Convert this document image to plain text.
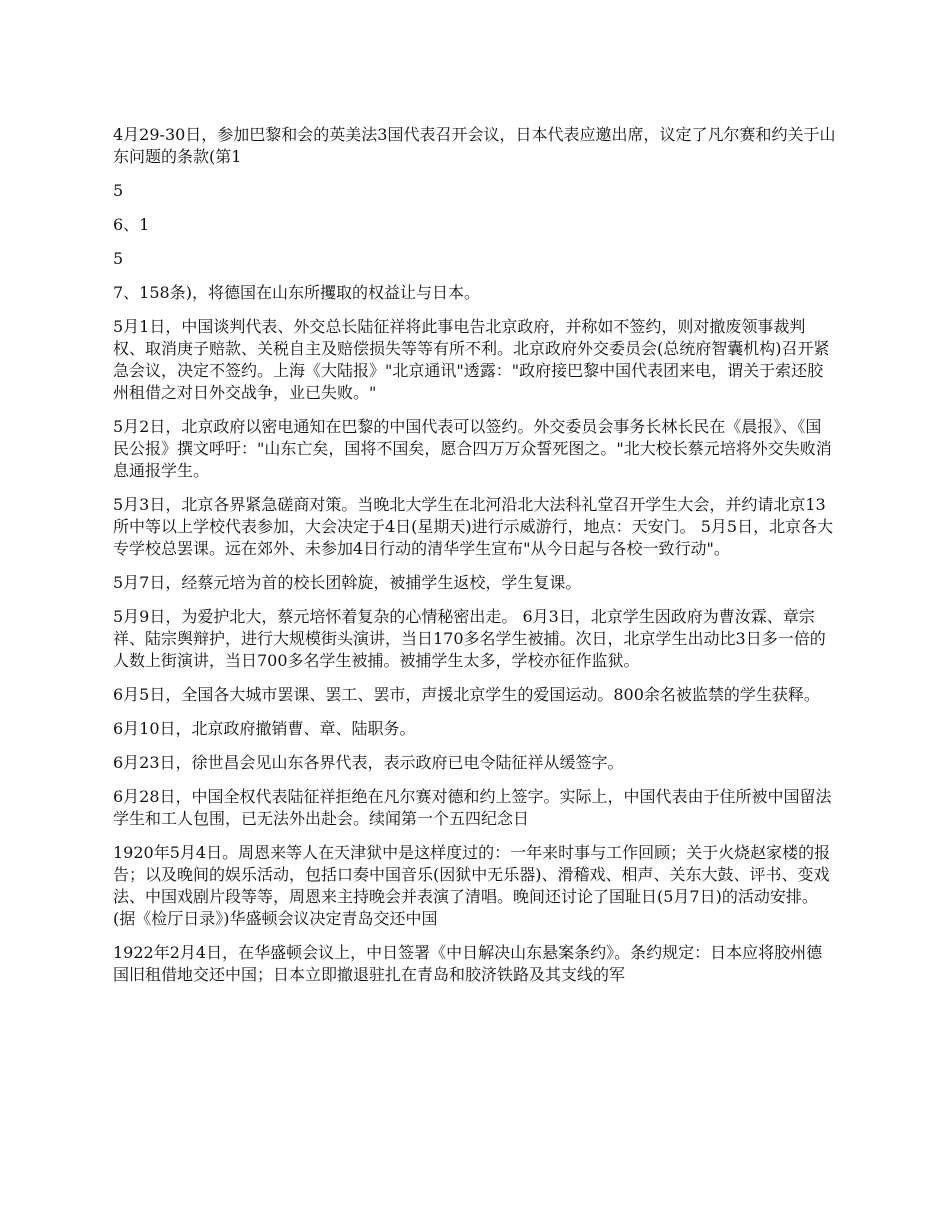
4月29-30日，参加巴黎和会的英美法3国代表召开会议，日本代表应邀出席，议定了凡尔赛和约关于山东问题的条款(第1

5

6、1

5

7、158条)，将德国在山东所攫取的权益让与日本。

5月1日，中国谈判代表、外交总长陆征祥将此事电告北京政府，并称如不签约，则对撤废领事裁判权、取消庚子赔款、关税自主及赔偿损失等等有所不利。北京政府外交委员会(总统府智囊机构)召开紧急会议，决定不签约。上海《大陆报》"北京通讯"透露："政府接巴黎中国代表团来电，谓关于索还胶州租借之对日外交战争，业已失败。"

5月2日，北京政府以密电通知在巴黎的中国代表可以签约。外交委员会事务长林长民在《晨报》、《国民公报》撰文呼吁："山东亡矣，国将不国矣，愿合四万万众誓死图之。"北大校长蔡元培将外交失败消息通报学生。

5月3日，北京各界紧急磋商对策。当晚北大学生在北河沿北大法科礼堂召开学生大会，并约请北京13所中等以上学校代表参加，大会决定于4日(星期天)进行示威游行，地点：天安门。 5月5日，北京各大专学校总罢课。远在郊外、未参加4日行动的清华学生宣布"从今日起与各校一致行动"。

5月7日，经蔡元培为首的校长团斡旋，被捕学生返校，学生复课。

5月9日，为爱护北大，蔡元培怀着复杂的心情秘密出走。 6月3日，北京学生因政府为曹汝霖、章宗祥、陆宗舆辩护，进行大规模街头演讲，当日170多名学生被捕。次日，北京学生出动比3日多一倍的人数上街演讲，当日700多名学生被捕。被捕学生太多，学校亦征作监狱。

6月5日，全国各大城市罢课、罢工、罢市，声援北京学生的爱国运动。800余名被监禁的学生获释。

6月10日，北京政府撤销曹、章、陆职务。

6月23日，徐世昌会见山东各界代表，表示政府已电令陆征祥从缓签字。

6月28日，中国全权代表陆征祥拒绝在凡尔赛对德和约上签字。实际上，中国代表由于住所被中国留法学生和工人包围，已无法外出赴会。续闻第一个五四纪念日

1920年5月4日。周恩来等人在天津狱中是这样度过的：一年来时事与工作回顾；关于火烧赵家楼的报告；以及晚间的娱乐活动，包括口奏中国音乐(因狱中无乐器)、滑稽戏、相声、关东大鼓、评书、变戏法、中国戏剧片段等等，周恩来主持晚会并表演了清唱。晚间还讨论了国耻日(5月7日)的活动安排。(据《检厅日录》)华盛顿会议决定青岛交还中国

1922年2月4日，在华盛顿会议上，中日签署《中日解决山东悬案条约》。条约规定：日本应将胶州德国旧租借地交还中国；日本立即撤退驻扎在青岛和胶济铁路及其支线的军
